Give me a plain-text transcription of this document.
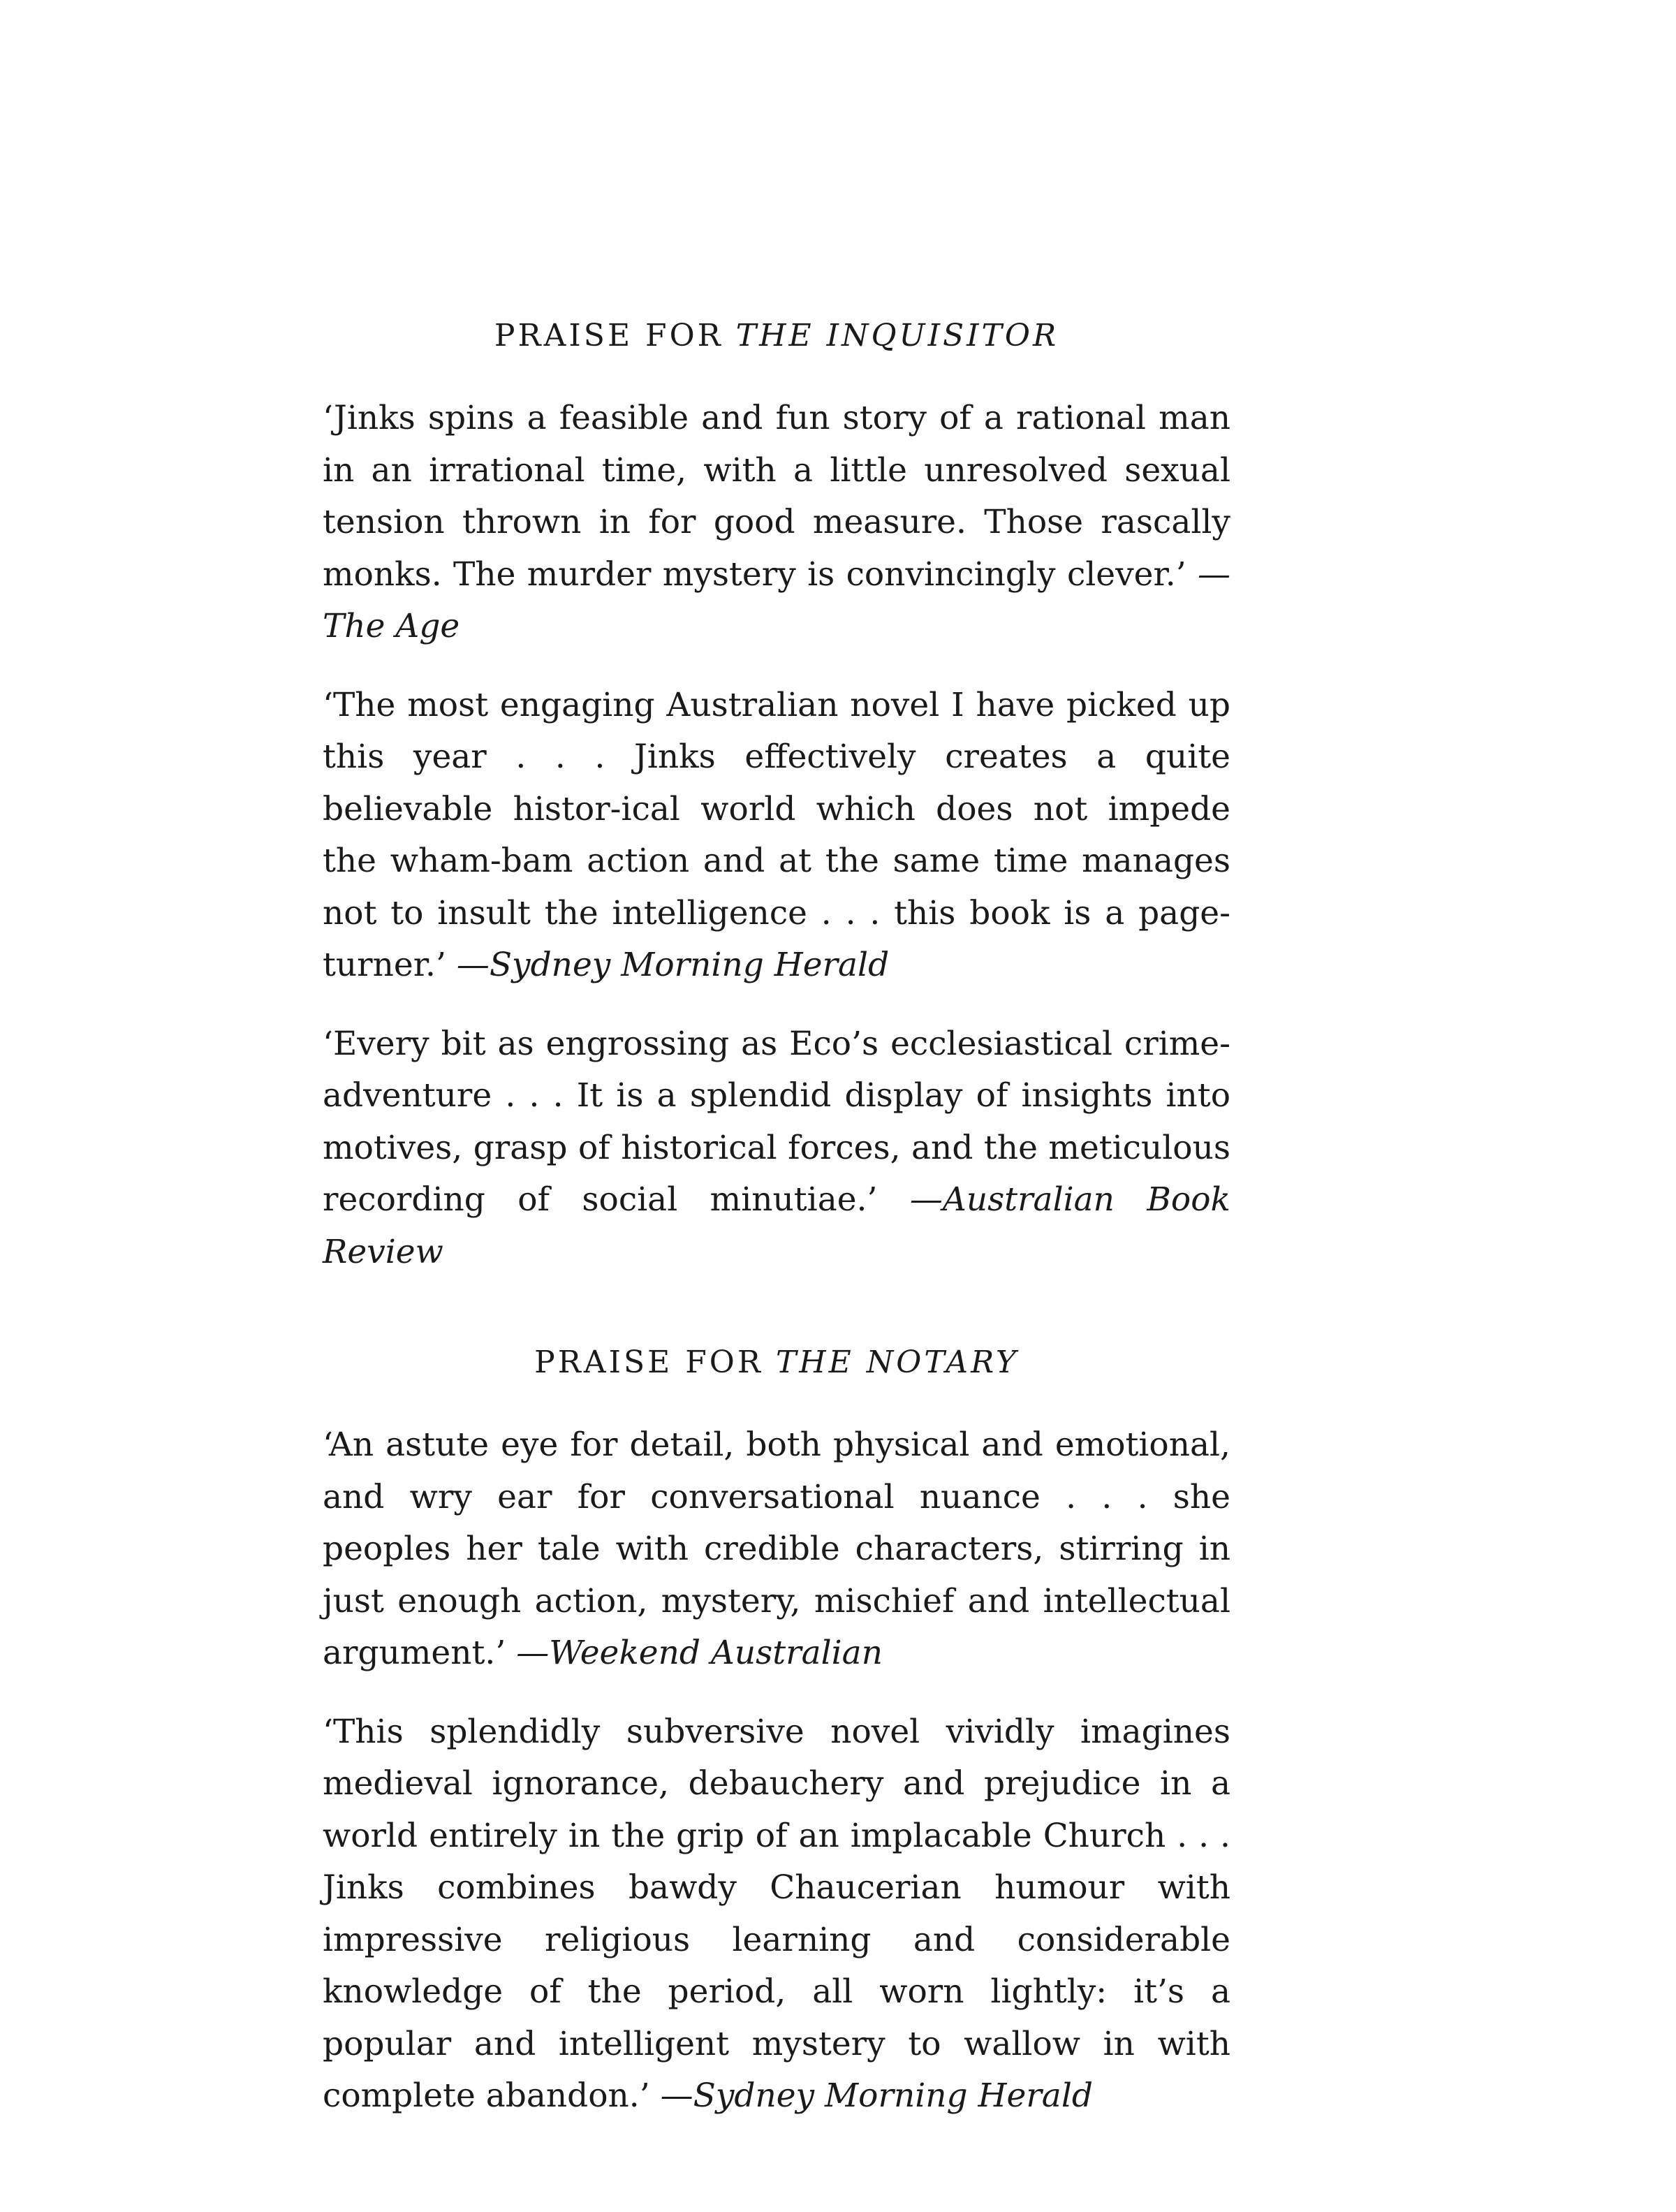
PRAISE FOR THE INQUISITOR

‘Jinks spins a feasible and fun story of a rational man in an irrational time, with a little unresolved sexual tension thrown in for good measure. Those rascally monks. The murder mystery is convincingly clever.’ —The Age

‘The most engaging Australian novel I have picked up this year . . . Jinks effectively creates a quite believable histor-ical world which does not impede the wham-bam action and at the same time manages not to insult the intelligence . . . this book is a page-turner.’ —Sydney Morning Herald

‘Every bit as engrossing as Eco’s ecclesiastical crime-adventure . . . It is a splendid display of insights into motives, grasp of historical forces, and the meticulous recording of social minutiae.’ —Australian Book Review

PRAISE FOR THE NOTARY

‘An astute eye for detail, both physical and emotional, and wry ear for conversational nuance . . . she peoples her tale with credible characters, stirring in just enough action, mystery, mischief and intellectual argument.’ —Weekend Australian

‘This splendidly subversive novel vividly imagines medieval ignorance, debauchery and prejudice in a world entirely in the grip of an implacable Church . . . Jinks combines bawdy Chaucerian humour with impressive religious learning and considerable knowledge of the period, all worn lightly: it’s a popular and intelligent mystery to wallow in with complete abandon.’ —Sydney Morning Herald
